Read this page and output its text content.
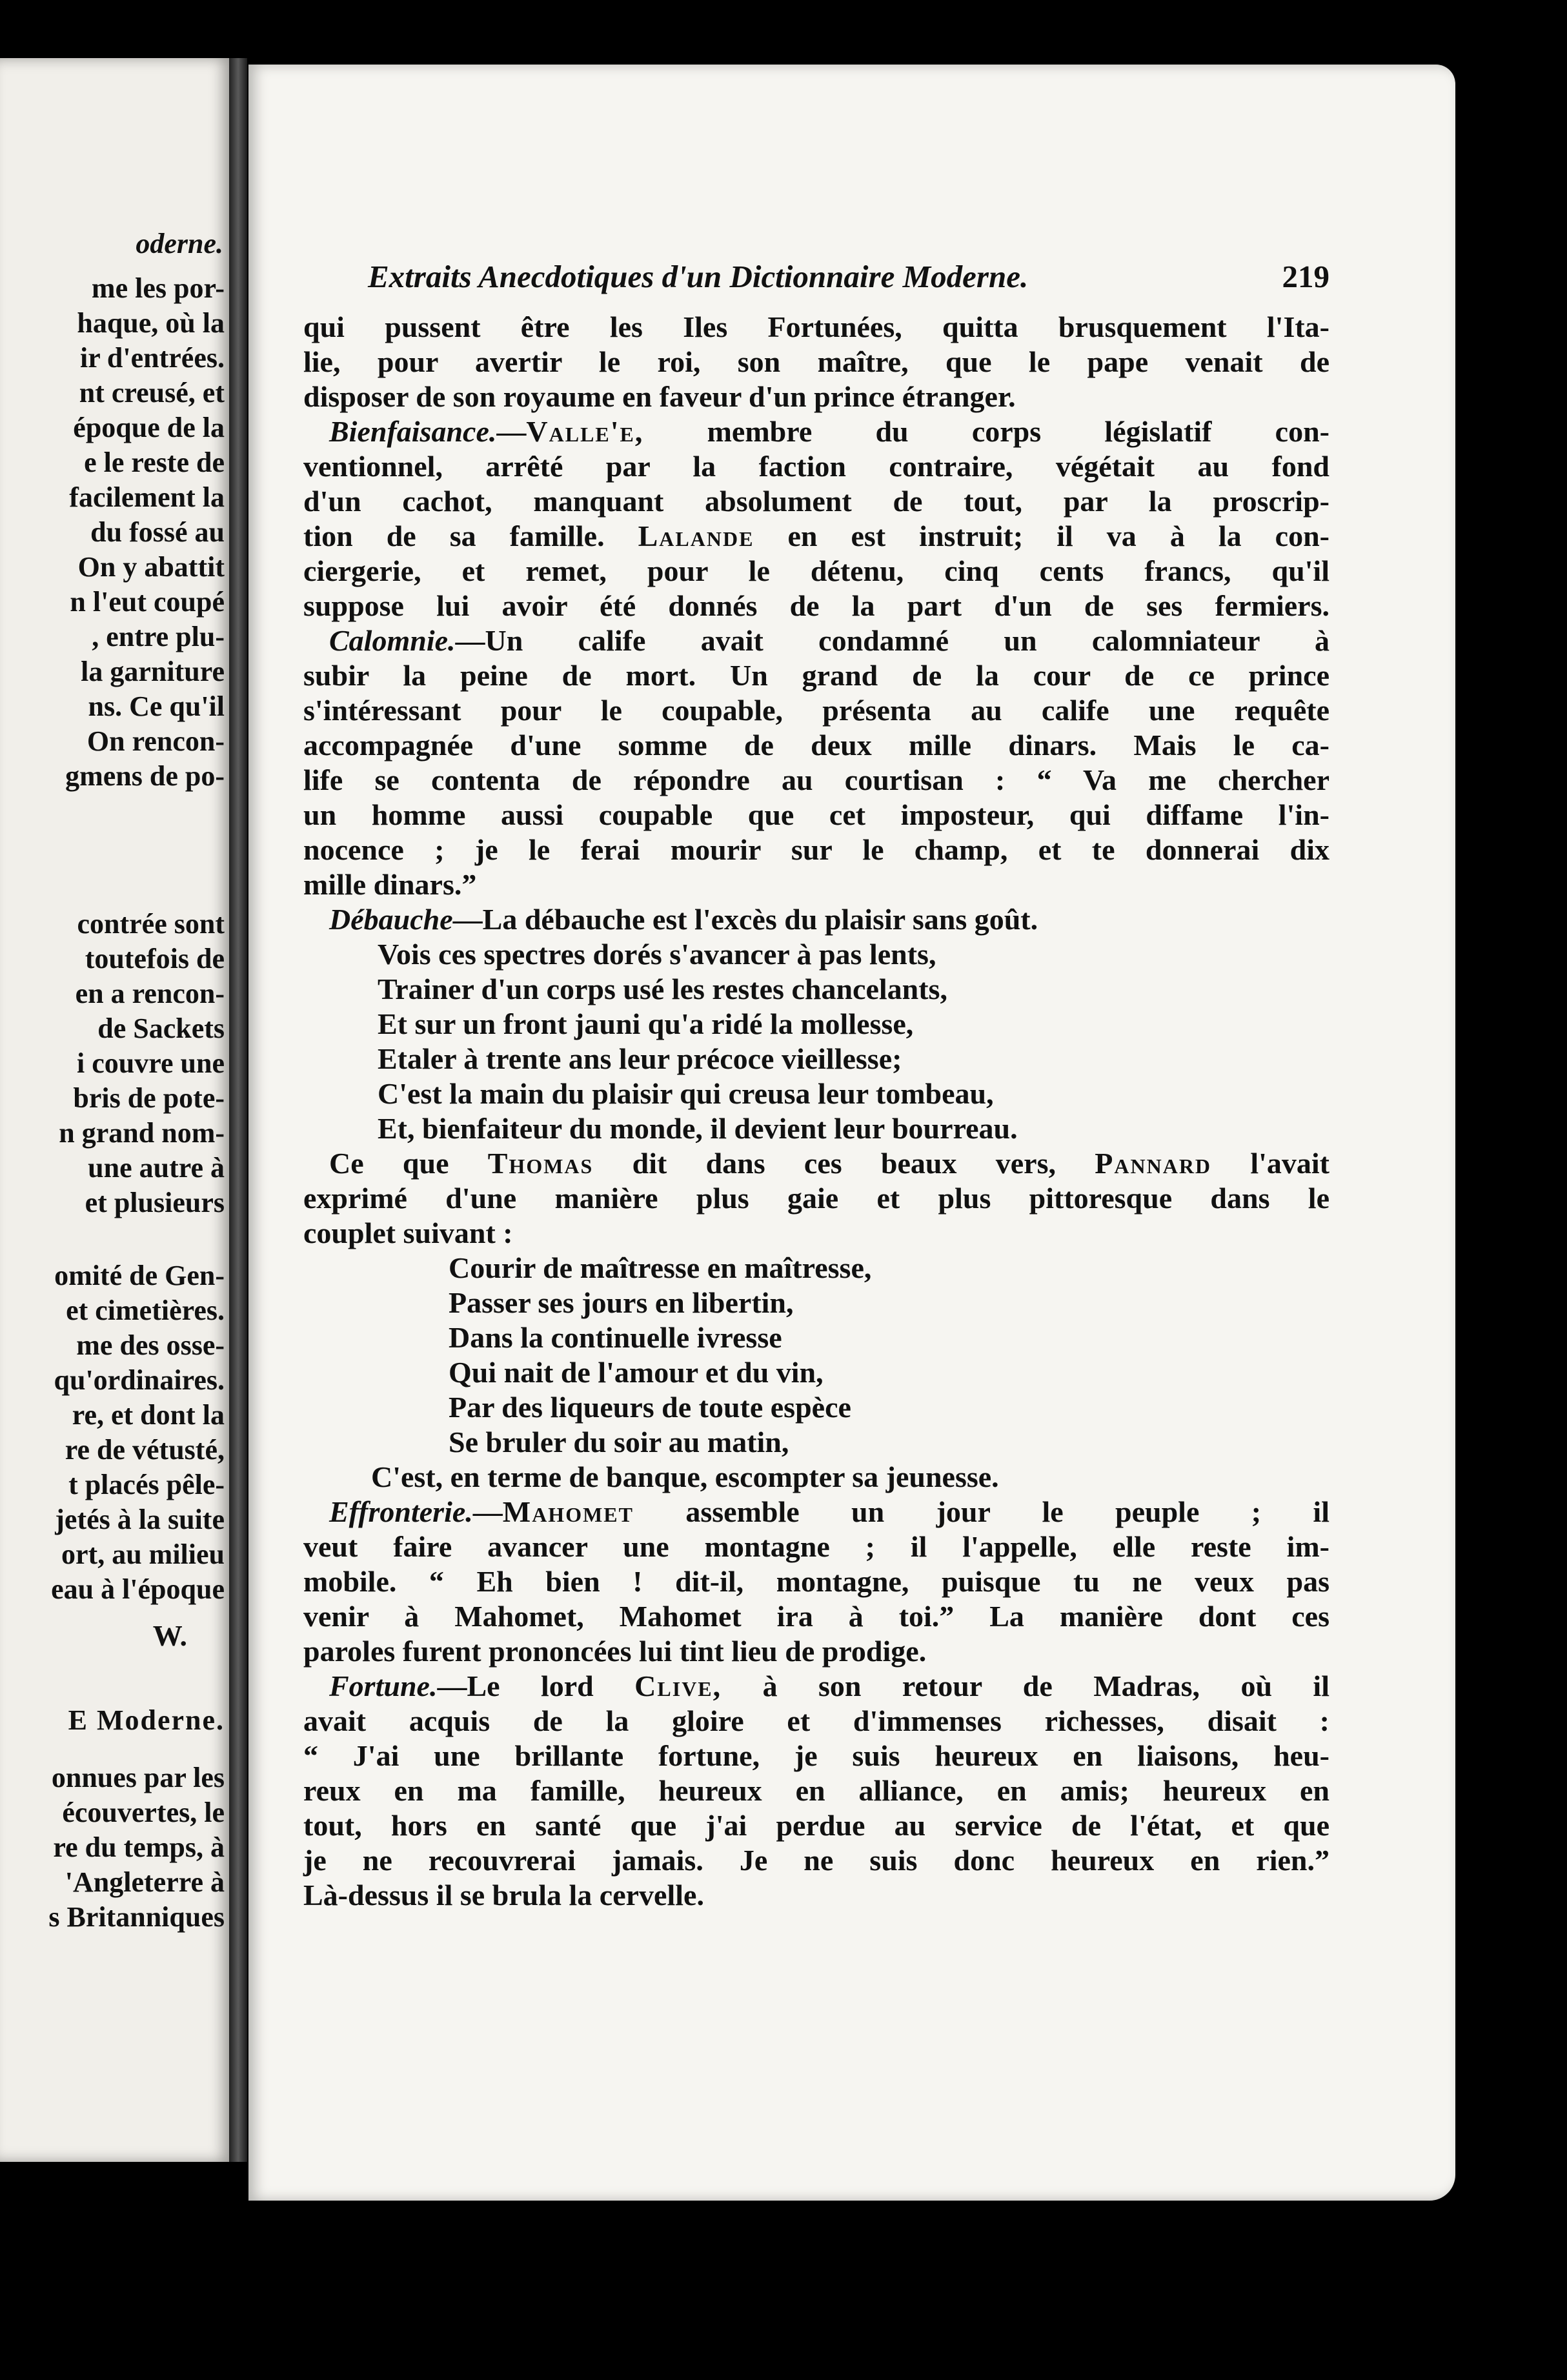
oderne.
me les por-
haque, où la
ir d'entrées.
nt creusé, et
époque de la
e le reste de
facilement la
du fossé au
On y abattit
n l'eut coupé
, entre plu-
la garniture
ns. Ce qu'il
On rencon-
gmens de po-
contrée sont
toutefois de
en a rencon-
de Sackets
i couvre une
bris de pote-
n grand nom-
une autre à
et plusieurs
omité de Gen-
et cimetières.
me des osse-
qu'ordinaires.
re, et dont la
re de vétusté,
t placés pêle-
jetés à la suite
ort, au milieu
eau à l'époque
W.
E Moderne.
onnues par les
écouvertes, le
re du temps, à
'Angleterre à
s Britanniques
Extraits Anecdotiques d'un Dictionnaire Moderne.	219
qui pussent être les Iles Fortunées, quitta brusquement l'Ita-
lie, pour avertir le roi, son maître, que le pape venait de
disposer de son royaume en faveur d'un prince étranger.
Bienfaisance.—Valle'e, membre du corps législatif con-
ventionnel, arrêté par la faction contraire, végétait au fond
d'un cachot, manquant absolument de tout, par la proscrip-
tion de sa famille. Lalande en est instruit; il va à la con-
ciergerie, et remet, pour le détenu, cinq cents francs, qu'il
suppose lui avoir été donnés de la part d'un de ses fermiers.
Calomnie.—Un calife avait condamné un calomniateur à
subir la peine de mort. Un grand de la cour de ce prince
s'intéressant pour le coupable, présenta au calife une requête
accompagnée d'une somme de deux mille dinars. Mais le ca-
life se contenta de répondre au courtisan : “ Va me chercher
un homme aussi coupable que cet imposteur, qui diffame l'in-
nocence ; je le ferai mourir sur le champ, et te donnerai dix
mille dinars.”
Débauche—La débauche est l'excès du plaisir sans goût.
Vois ces spectres dorés s'avancer à pas lents,
Trainer d'un corps usé les restes chancelants,
Et sur un front jauni qu'a ridé la mollesse,
Etaler à trente ans leur précoce vieillesse;
C'est la main du plaisir qui creusa leur tombeau,
Et, bienfaiteur du monde, il devient leur bourreau.
Ce que Thomas dit dans ces beaux vers, Pannard l'avait
exprimé d'une manière plus gaie et plus pittoresque dans le
couplet suivant :
Courir de maîtresse en maîtresse,
Passer ses jours en libertin,
Dans la continuelle ivresse
Qui nait de l'amour et du vin,
Par des liqueurs de toute espèce
Se bruler du soir au matin,
C'est, en terme de banque, escompter sa jeunesse.
Effronterie.—Mahomet assemble un jour le peuple ; il
veut faire avancer une montagne ; il l'appelle, elle reste im-
mobile. “ Eh bien ! dit-il, montagne, puisque tu ne veux pas
venir à Mahomet, Mahomet ira à toi.” La manière dont ces
paroles furent prononcées lui tint lieu de prodige.
Fortune.—Le lord Clive, à son retour de Madras, où il
avait acquis de la gloire et d'immenses richesses, disait :
“ J'ai une brillante fortune, je suis heureux en liaisons, heu-
reux en ma famille, heureux en alliance, en amis; heureux en
tout, hors en santé que j'ai perdue au service de l'état, et que
je ne recouvrerai jamais. Je ne suis donc heureux en rien.”
Là-dessus il se brula la cervelle.
